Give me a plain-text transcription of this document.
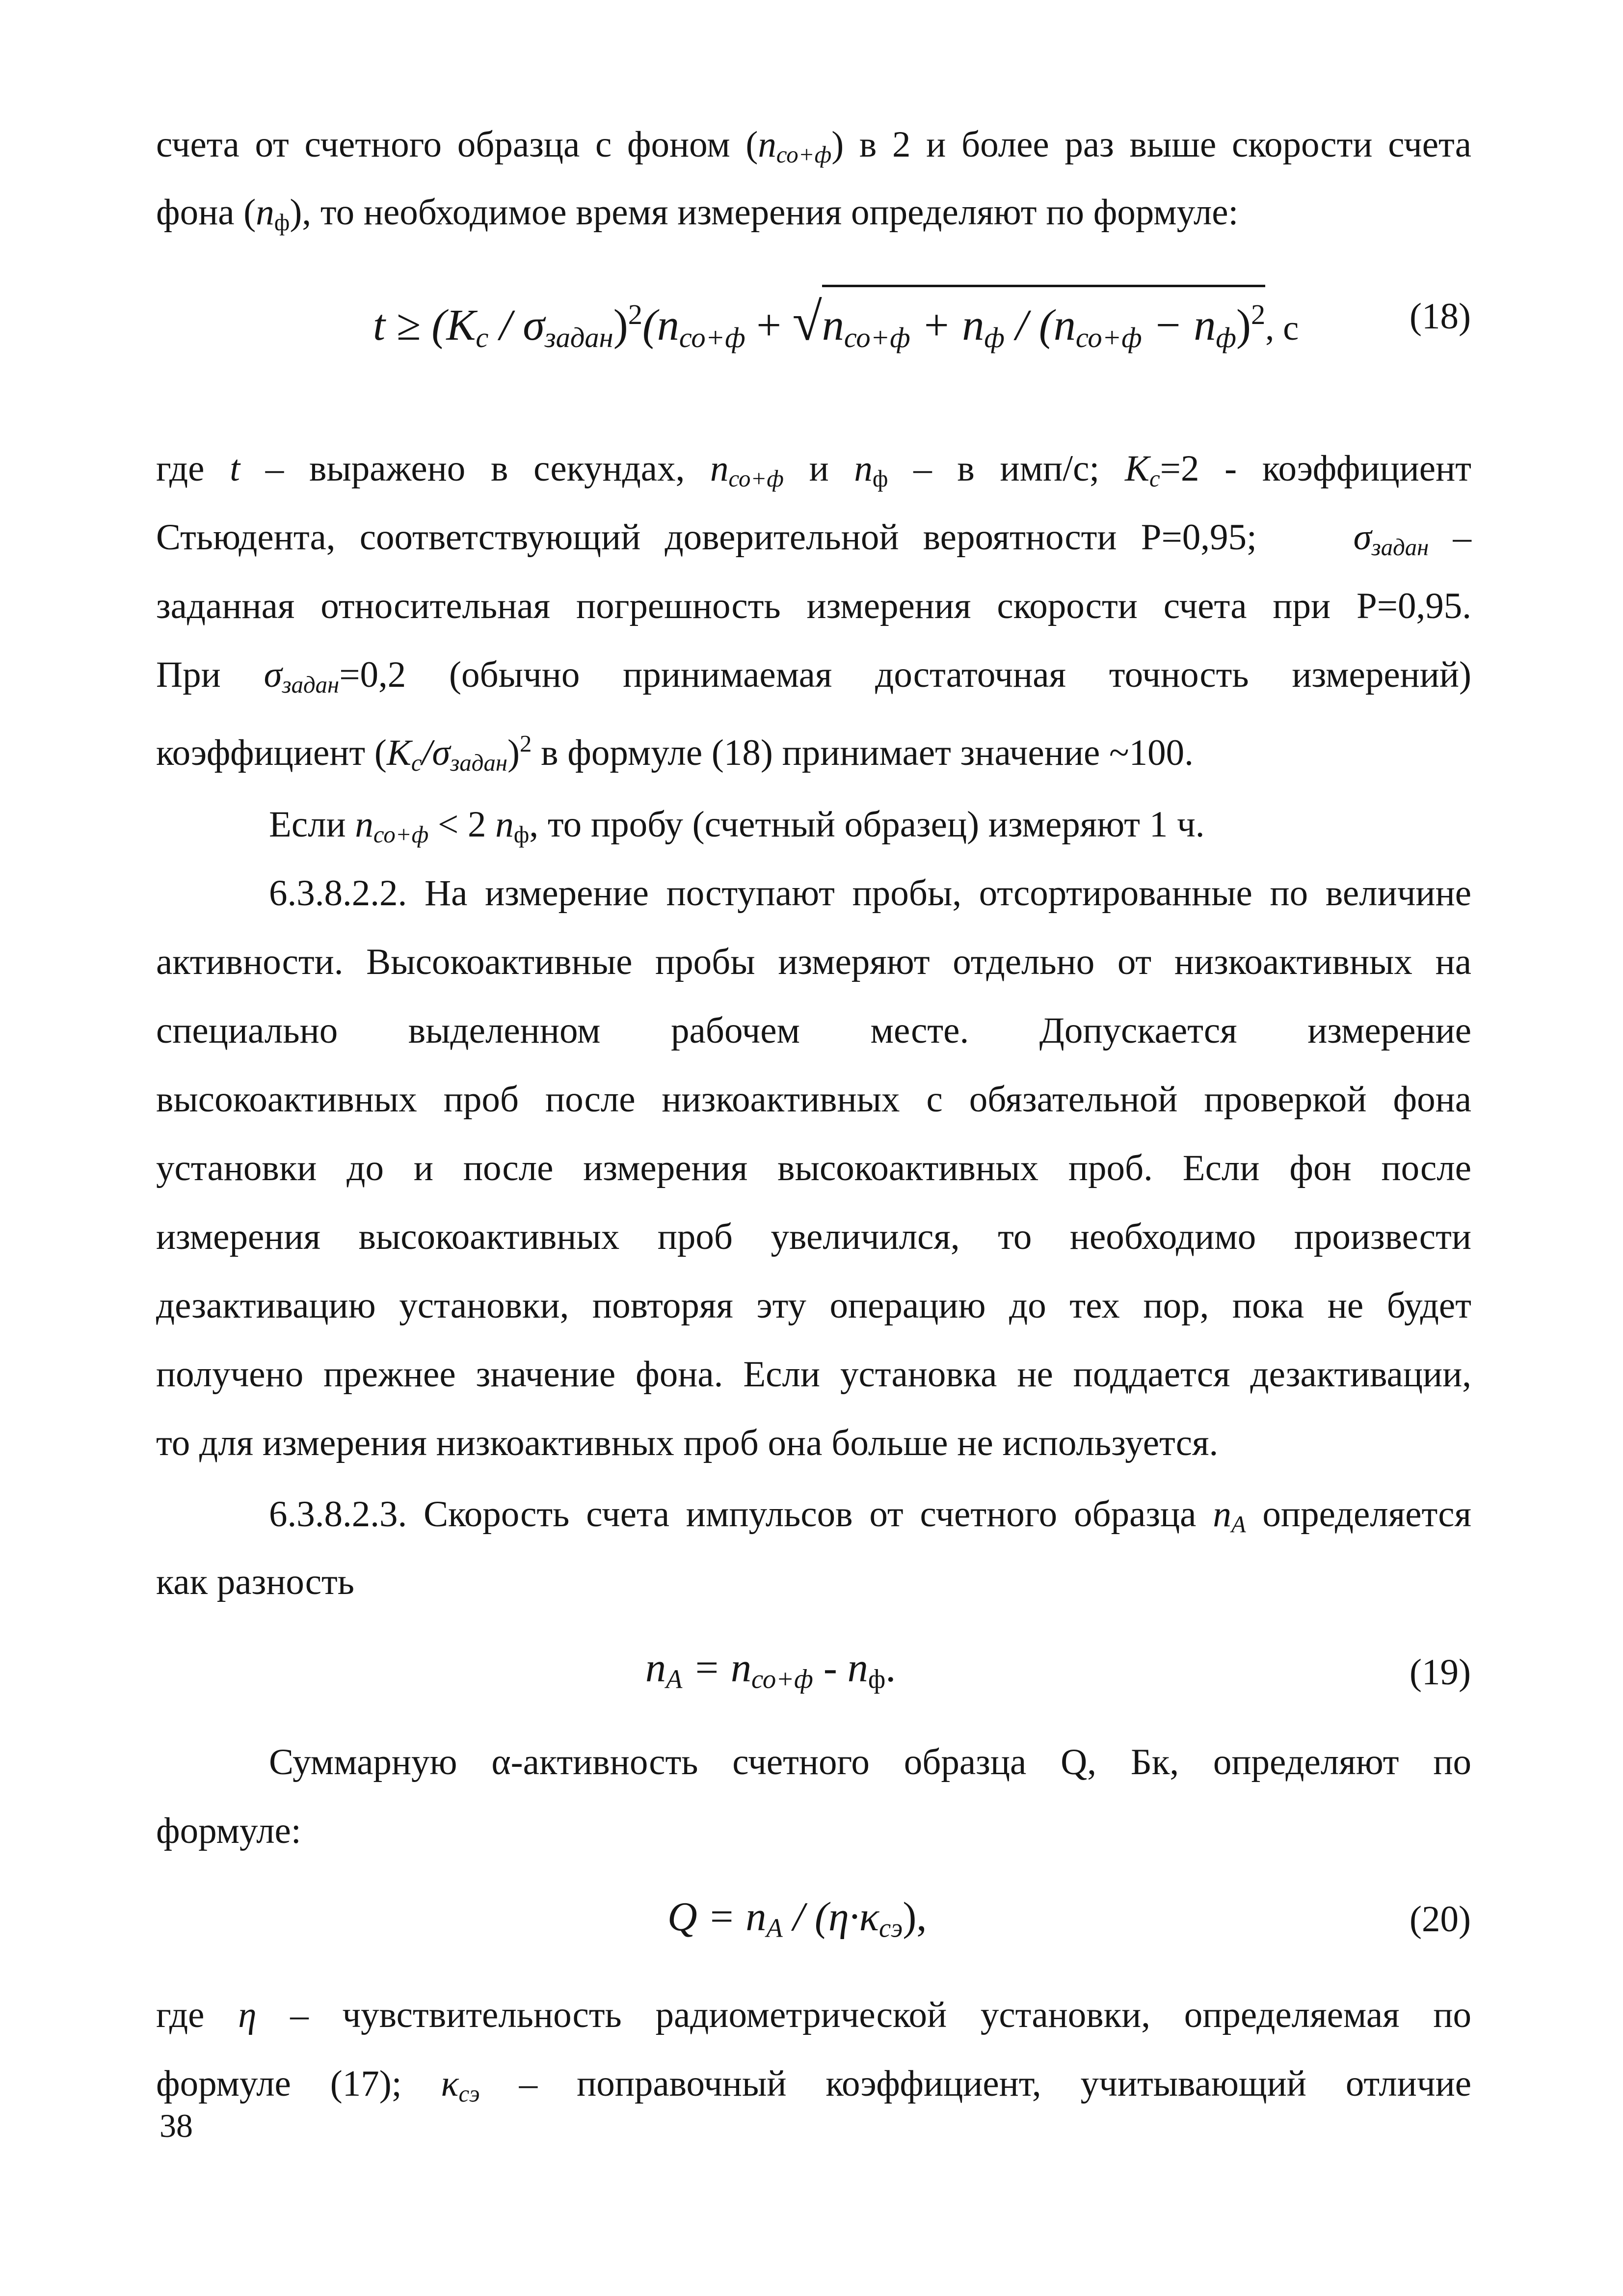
счета от счетного образца с фоном $(n_{со+ф})$ в 2 и более раз выше скорости счета
фона $(n_ф)$, то необходимое время измерения определяют по формуле:
$t \ge (K_c / \sigma_{задан})^2(n_{со+ф} + √n_{со+ф} + n_ф / (n_{со+ф} - n_ф)^2$, с	(18)
где t – выражено в секундах, $n_{со+ф}$ и $n_ф$ – в имп/с; $K_c=2$ - коэффициент
Стьюдента, соответствующий доверительной вероятности P=0,95;	$\sigma_{задан}$ –
заданная относительная погрешность измерения скорости счета при P=0,95.
При $\sigma_{задан}=0,2$ (обычно принимаемая достаточная точность измерений)
коэффициент $(K_c/\sigma_{задан})^2$ в формуле (18) принимает значение ~100.
Если $n_{со+ф} < 2$ $n_ф$, то пробу (счетный образец) измеряют 1 ч.
6.3.8.2.2. На измерение поступают пробы, отсортированные по величине
активности. Высокоактивные пробы измеряют отдельно от низкоактивных на
специально выделенном рабочем месте. Допускается измерение
высокоактивных проб после низкоактивных с обязательной проверкой фона
установки до и после измерения высокоактивных проб. Если фон после
измерения высокоактивных проб увеличился, то необходимо произвести
дезактивацию установки, повторяя эту операцию до тех пор, пока не будет
получено прежнее значение фона. Если установка не поддается дезактивации,
то для измерения низкоактивных проб она больше не используется.
6.3.8.2.3. Скорость счета импульсов от счетного образца $n_A$ определяется
как разность
$n_A = n_{со+ф} - n_ф$.	(19)
Суммарную α-активность счетного образца Q, Бк, определяют по
формуле:
$Q = n_A / (\eta\cdot\kappa_{сэ})$,	(20)
где η – чувствительность радиометрической установки, определяемая по
формуле (17); $\kappa_{сэ}$ – поправочный коэффициент, учитывающий отличие
38
